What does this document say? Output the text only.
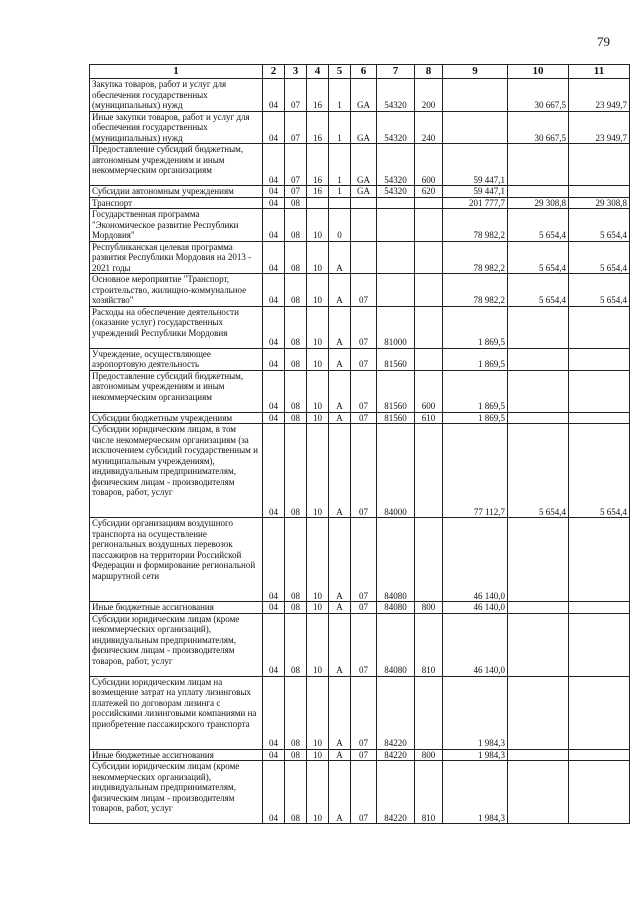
79
1	2	3	4	5	6	7	8	9	10	11
Закупка товаров, работ и услуг для обеспечения государственных (муниципальных) нужд	04	07	16	1	GA	54320	200		30 667,5	23 949,7
Иные закупки товаров, работ и услуг для обеспечения государственных (муниципальных) нужд	04	07	16	1	GA	54320	240		30 667,5	23 949,7
Предоставление субсидий бюджетным, автономным учреждениям и иным некоммерческим организациям	04	07	16	1	GA	54320	600	59 447,1		
Субсидии автономным учреждениям	04	07	16	1	GA	54320	620	59 447,1		
Транспорт	04	08						201 777,7	29 308,8	29 308,8
Государственная программа "Экономическое развитие Республики Мордовия"	04	08	10	0				78 982,2	5 654,4	5 654,4
Республиканская целевая программа развития Республики Мордовия на 2013 - 2021 годы	04	08	10	А				78 982,2	5 654,4	5 654,4
Основное мероприятие "Транспорт, строительство, жилищно-коммунальное хозяйство"	04	08	10	А	07			78 982,2	5 654,4	5 654,4
Расходы на обеспечение деятельности (оказание услуг) государственных учреждений Республики Мордовия	04	08	10	А	07	81000		1 869,5		
Учреждение, осуществляющее аэропортовую деятельность	04	08	10	А	07	81560		1 869,5		
Предоставление субсидий бюджетным, автономным учреждениям и иным некоммерческим организациям	04	08	10	А	07	81560	600	1 869,5		
Субсидии бюджетным учреждениям	04	08	10	А	07	81560	610	1 869,5		
Субсидии юридическим лицам, в том числе некоммерческим организациям (за исключением субсидий государственным и муниципальным учреждениям), индивидуальным предпринимателям, физическим лицам - производителям товаров, работ, услуг	04	08	10	А	07	84000		77 112,7	5 654,4	5 654,4
Субсидии организациям воздушного транспорта на осуществление региональных воздушных перевозок пассажиров на территории Российской Федерации и формирование региональной маршрутной сети	04	08	10	А	07	84080		46 140,0		
Иные бюджетные ассигнования	04	08	10	А	07	84080	800	46 140,0		
Субсидии юридическим лицам (кроме некоммерческих организаций), индивидуальным предпринимателям, физическим лицам - производителям товаров, работ, услуг	04	08	10	А	07	84080	810	46 140,0		
Субсидии юридическим лицам на возмещение затрат на уплату лизинговых платежей по договорам лизинга с российскими лизинговыми компаниями на приобретение пассажирского транспорта	04	08	10	А	07	84220		1 984,3		
Иные бюджетные ассигнования	04	08	10	А	07	84220	800	1 984,3		
Субсидии юридическим лицам (кроме некоммерческих организаций), индивидуальным предпринимателям, физическим лицам - производителям товаров, работ, услуг	04	08	10	А	07	84220	810	1 984,3		
